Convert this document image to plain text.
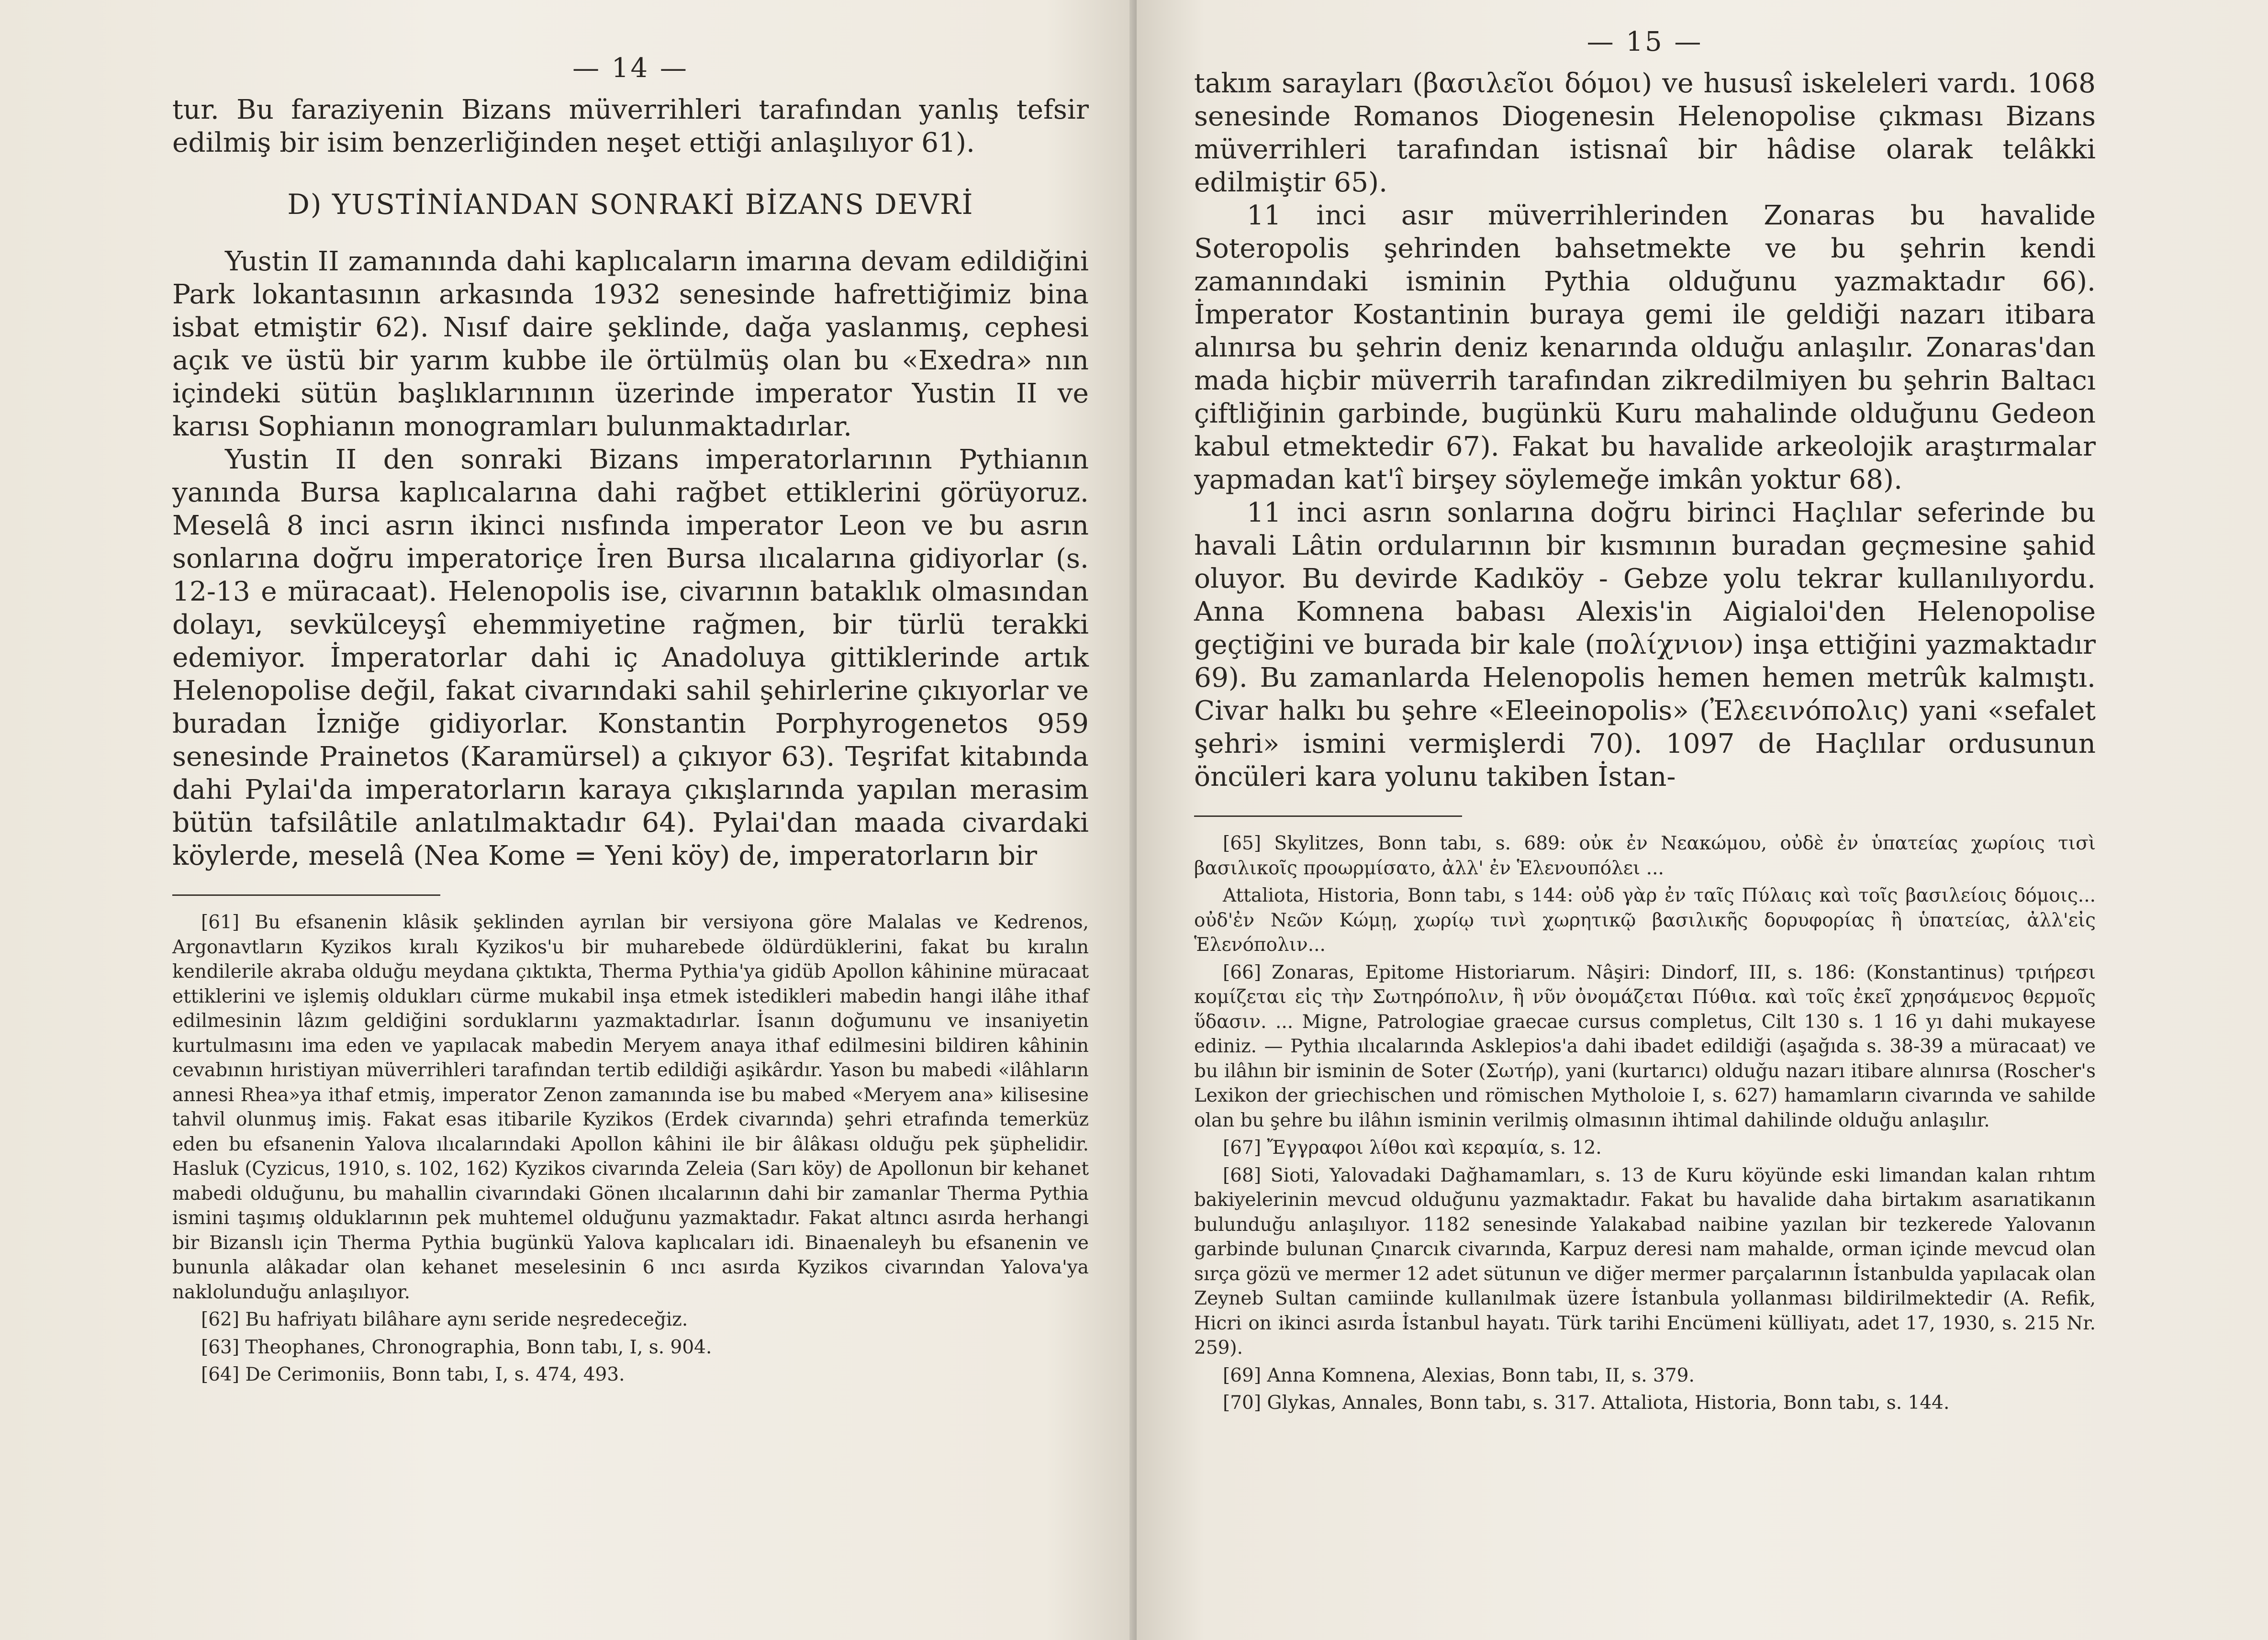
— 14 —

tur. Bu faraziyenin Bizans müverrihleri tarafından yanlış tefsir edilmiş bir isim benzerliğinden neşet ettiği anlaşılıyor 61).

D) YUSTİNİANDAN SONRAKİ BİZANS DEVRİ

Yustin II zamanında dahi kaplıcaların imarına devam edildiğini Park lokantasının arkasında 1932 senesinde hafrettiğimiz bina isbat etmiştir 62). Nısıf daire şeklinde, dağa yaslanmış, cephesi açık ve üstü bir yarım kubbe ile örtülmüş olan bu «Exedra» nın içindeki sütün başlıklarınının üzerinde imperator Yustin II ve karısı Sophianın monogramları bulunmaktadırlar.

Yustin II den sonraki Bizans imperatorlarının Pythianın yanında Bursa kaplıcalarına dahi rağbet ettiklerini görüyoruz. Meselâ 8 inci asrın ikinci nısfında imperator Leon ve bu asrın sonlarına doğru imperatoriçe İren Bursa ılıcalarına gidiyorlar (s. 12-13 e müracaat). Helenopolis ise, civarının bataklık olmasından dolayı, sevkülceyşî ehemmiyetine rağmen, bir türlü terakki edemiyor. İmperatorlar dahi iç Anadoluya gittiklerinde artık Helenopolise değil, fakat civarındaki sahil şehirlerine çıkıyorlar ve buradan İzniğe gidiyorlar. Konstantin Porphyrogenetos 959 senesinde Prainetos (Karamürsel) a çıkıyor 63). Teşrifat kitabında dahi Pylai'da imperatorların karaya çıkışlarında yapılan merasim bütün tafsilâtile anlatılmaktadır 64). Pylai'dan maada civardaki köylerde, meselâ (Nea Kome = Yeni köy) de, imperatorların bir

[61] Bu efsanenin klâsik şeklinden ayrılan bir versiyona göre Malalas ve Kedrenos, Argonavtların Kyzikos kıralı Kyzikos'u bir muharebede öldürdüklerini, fakat bu kıralın kendilerile akraba olduğu meydana çıktıkta, Therma Pythia'ya gidüb Apollon kâhinine müracaat ettiklerini ve işlemiş oldukları cürme mukabil inşa etmek istedikleri mabedin hangi ilâhe ithaf edilmesinin lâzım geldiğini sorduklarını yazmaktadırlar. İsanın doğumunu ve insaniyetin kurtulmasını ima eden ve yapılacak mabedin Meryem anaya ithaf edilmesini bildiren kâhinin cevabının hıristiyan müverrihleri tarafından tertib edildiği aşikârdır. Yason bu mabedi «ilâhların annesi Rhea»ya ithaf etmiş, imperator Zenon zamanında ise bu mabed «Meryem ana» kilisesine tahvil olunmuş imiş. Fakat esas itibarile Kyzikos (Erdek civarında) şehri etrafında temerküz eden bu efsanenin Yalova ılıcalarındaki Apollon kâhini ile bir âlâkası olduğu pek şüphelidir. Hasluk (Cyzicus, 1910, s. 102, 162) Kyzikos civarında Zeleia (Sarı köy) de Apollonun bir kehanet mabedi olduğunu, bu mahallin civarındaki Gönen ılıcalarının dahi bir zamanlar Therma Pythia ismini taşımış olduklarının pek muhtemel olduğunu yazmaktadır. Fakat altıncı asırda herhangi bir Bizanslı için Therma Pythia bugünkü Yalova kaplıcaları idi. Binaenaleyh bu efsanenin ve bununla alâkadar olan kehanet meselesinin 6 ıncı asırda Kyzikos civarından Yalova'ya naklolunduğu anlaşılıyor.

[62] Bu hafriyatı bilâhare aynı seride neşredeceğiz.

[63] Theophanes, Chronographia, Bonn tabı, I, s. 904.

[64] De Cerimoniis, Bonn tabı, I, s. 474, 493.

— 15 —

takım sarayları (βασιλεῖοι δόμοι) ve hususî iskeleleri vardı. 1068 senesinde Romanos Diogenesin Helenopolise çıkması Bizans müverrihleri tarafından istisnaî bir hâdise olarak telâkki edilmiştir 65).

11 inci asır müverrihlerinden Zonaras bu havalide Soteropolis şehrinden bahsetmekte ve bu şehrin kendi zamanındaki isminin Pythia olduğunu yazmaktadır 66). İmperator Kostantinin buraya gemi ile geldiği nazarı itibara alınırsa bu şehrin deniz kenarında olduğu anlaşılır. Zonaras'dan mada hiçbir müverrih tarafından zikredilmiyen bu şehrin Baltacı çiftliğinin garbinde, bugünkü Kuru mahalinde olduğunu Gedeon kabul etmektedir 67). Fakat bu havalide arkeolojik araştırmalar yapmadan kat'î birşey söylemeğe imkân yoktur 68).

11 inci asrın sonlarına doğru birinci Haçlılar seferinde bu havali Lâtin ordularının bir kısmının buradan geçmesine şahid oluyor. Bu devirde Kadıköy - Gebze yolu tekrar kullanılıyordu. Anna Komnena babası Alexis'in Aigialoi'den Helenopolise geçtiğini ve burada bir kale (πολίχνιον) inşa ettiğini yazmaktadır 69). Bu zamanlarda Helenopolis hemen hemen metrûk kalmıştı. Civar halkı bu şehre «Eleeinopolis» (Ἐλεεινόπολις) yani «sefalet şehri» ismini vermişlerdi 70). 1097 de Haçlılar ordusunun öncüleri kara yolunu takiben İstan-

[65] Skylitzes, Bonn tabı, s. 689: οὐκ ἐν Νεακώμου, οὐδὲ ἐν ὑπατείας χωρίοις τισὶ βασιλικοῖς προωρμίσατο, ἀλλ' ἐν Ἑλενουπόλει ...

Attaliota, Historia, Bonn tabı, s 144: οὐδ γὰρ ἐν ταῖς Πύλαις καὶ τοῖς βασιλείοις δόμοις... οὐδ'ἐν Νεῶν Κώμῃ, χωρίῳ τινὶ χωρητικῷ βασιλικῆς δορυφορίας ἢ ὑπατείας, ἀλλ'εἰς Ἑλενόπολιν...

[66] Zonaras, Epitome Historiarum. Nâşiri: Dindorf, III, s. 186: (Konstantinus) τριήρεσι κομίζεται εἰς τὴν Σωτηρόπολιν, ἣ νῦν ὀνομάζεται Πύθια. καὶ τοῖς ἐκεῖ χρησάμενος θερμοῖς ὕδασιν. ... Migne, Patrologiae graecae cursus completus, Cilt 130 s. 1 16 yı dahi mukayese ediniz. — Pythia ılıcalarında Asklepios'a dahi ibadet edildiği (aşağıda s. 38-39 a müracaat) ve bu ilâhın bir isminin de Soter (Σωτήρ), yani (kurtarıcı) olduğu nazarı itibare alınırsa (Roscher's Lexikon der griechischen und römischen Mytholoie I, s. 627) hamamların civarında ve sahilde olan bu şehre bu ilâhın isminin verilmiş olmasının ihtimal dahilinde olduğu anlaşılır.

[67] Ἔγγραφοι λίθοι καὶ κεραμία, s. 12.

[68] Sioti, Yalovadaki Dağhamamları, s. 13 de Kuru köyünde eski limandan kalan rıhtım bakiyelerinin mevcud olduğunu yazmaktadır. Fakat bu havalide daha birtakım asarıatikanın bulunduğu anlaşılıyor. 1182 senesinde Yalakabad naibine yazılan bir tezkerede Yalovanın garbinde bulunan Çınarcık civarında, Karpuz deresi nam mahalde, orman içinde mevcud olan sırça gözü ve mermer 12 adet sütunun ve diğer mermer parçalarının İstanbulda yapılacak olan Zeyneb Sultan camiinde kullanılmak üzere İstanbula yollanması bildirilmektedir (A. Refik, Hicri on ikinci asırda İstanbul hayatı. Türk tarihi Encümeni külliyatı, adet 17, 1930, s. 215 Nr. 259).

[69] Anna Komnena, Alexias, Bonn tabı, II, s. 379.

[70] Glykas, Annales, Bonn tabı, s. 317. Attaliota, Historia, Bonn tabı, s. 144.
